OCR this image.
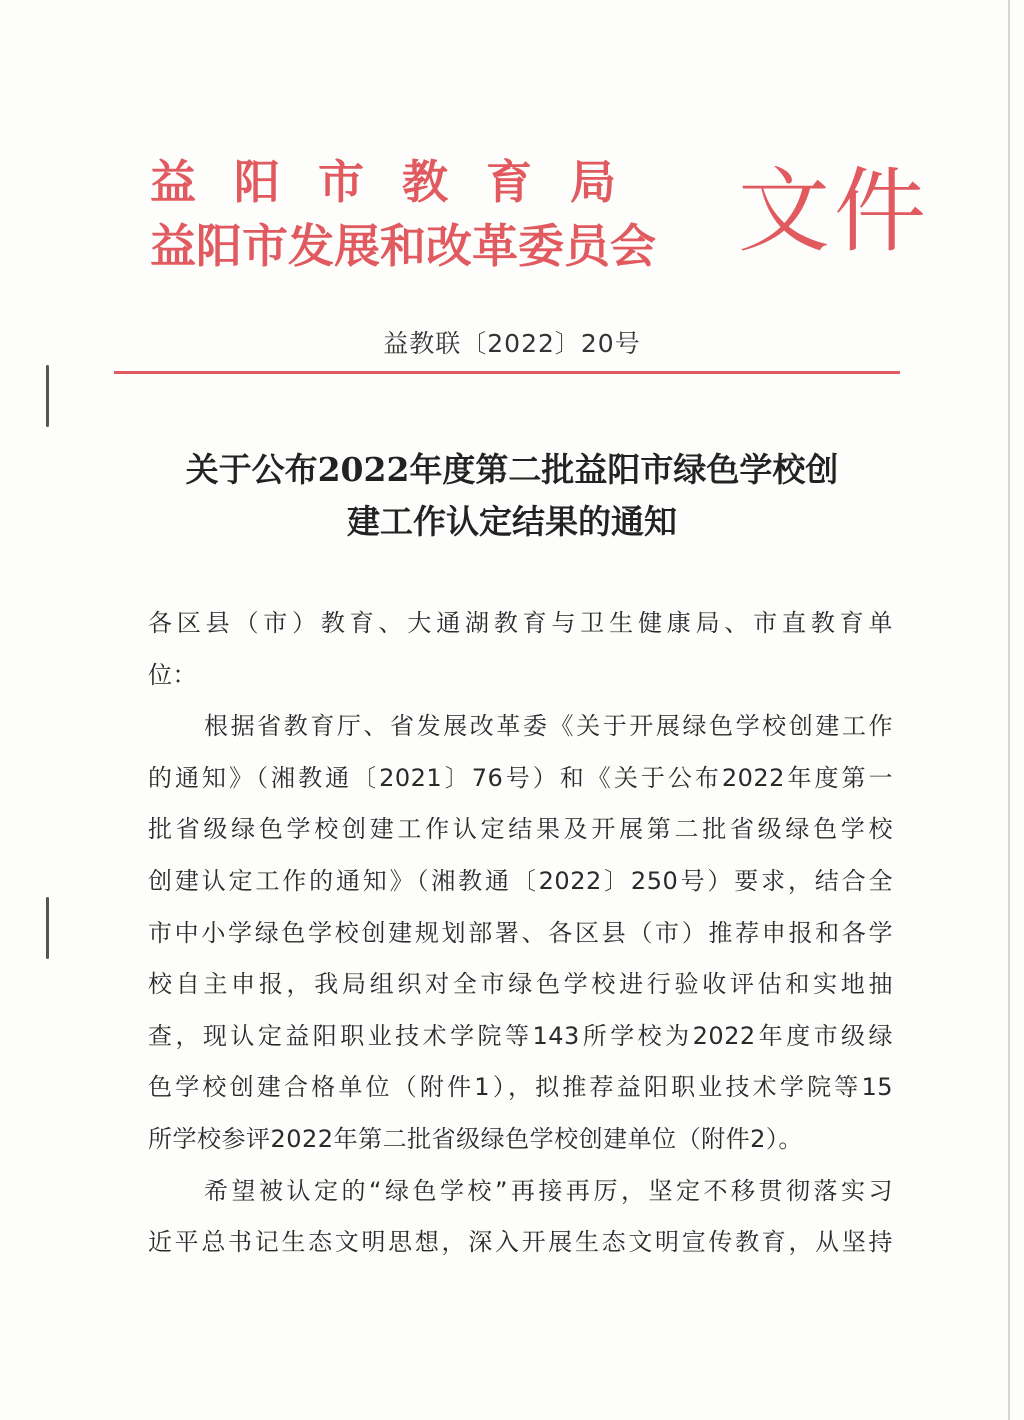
益阳市教育局
益阳市发展和改革委员会 文件
益教联〔2022〕20号
关于公布2022年度第二批益阳市绿色学校创
建工作认定结果的通知
各区县（市）教育、大通湖教育与卫生健康局、市直教育单
位：
根据省教育厅、省发展改革委《关于开展绿色学校创建工作
的通知》（湘教通〔2021〕76号）和《关于公布2022年度第一
批省级绿色学校创建工作认定结果及开展第二批省级绿色学校
创建认定工作的通知》（湘教通〔2022〕250号）要求，结合全
市中小学绿色学校创建规划部署、各区县（市）推荐申报和各学
校自主申报，我局组织对全市绿色学校进行验收评估和实地抽
查，现认定益阳职业技术学院等143所学校为2022年度市级绿
色学校创建合格单位（附件1），拟推荐益阳职业技术学院等15
所学校参评2022年第二批省级绿色学校创建单位（附件2）。
希望被认定的“绿色学校”再接再厉，坚定不移贯彻落实习
近平总书记生态文明思想，深入开展生态文明宣传教育，从坚持
